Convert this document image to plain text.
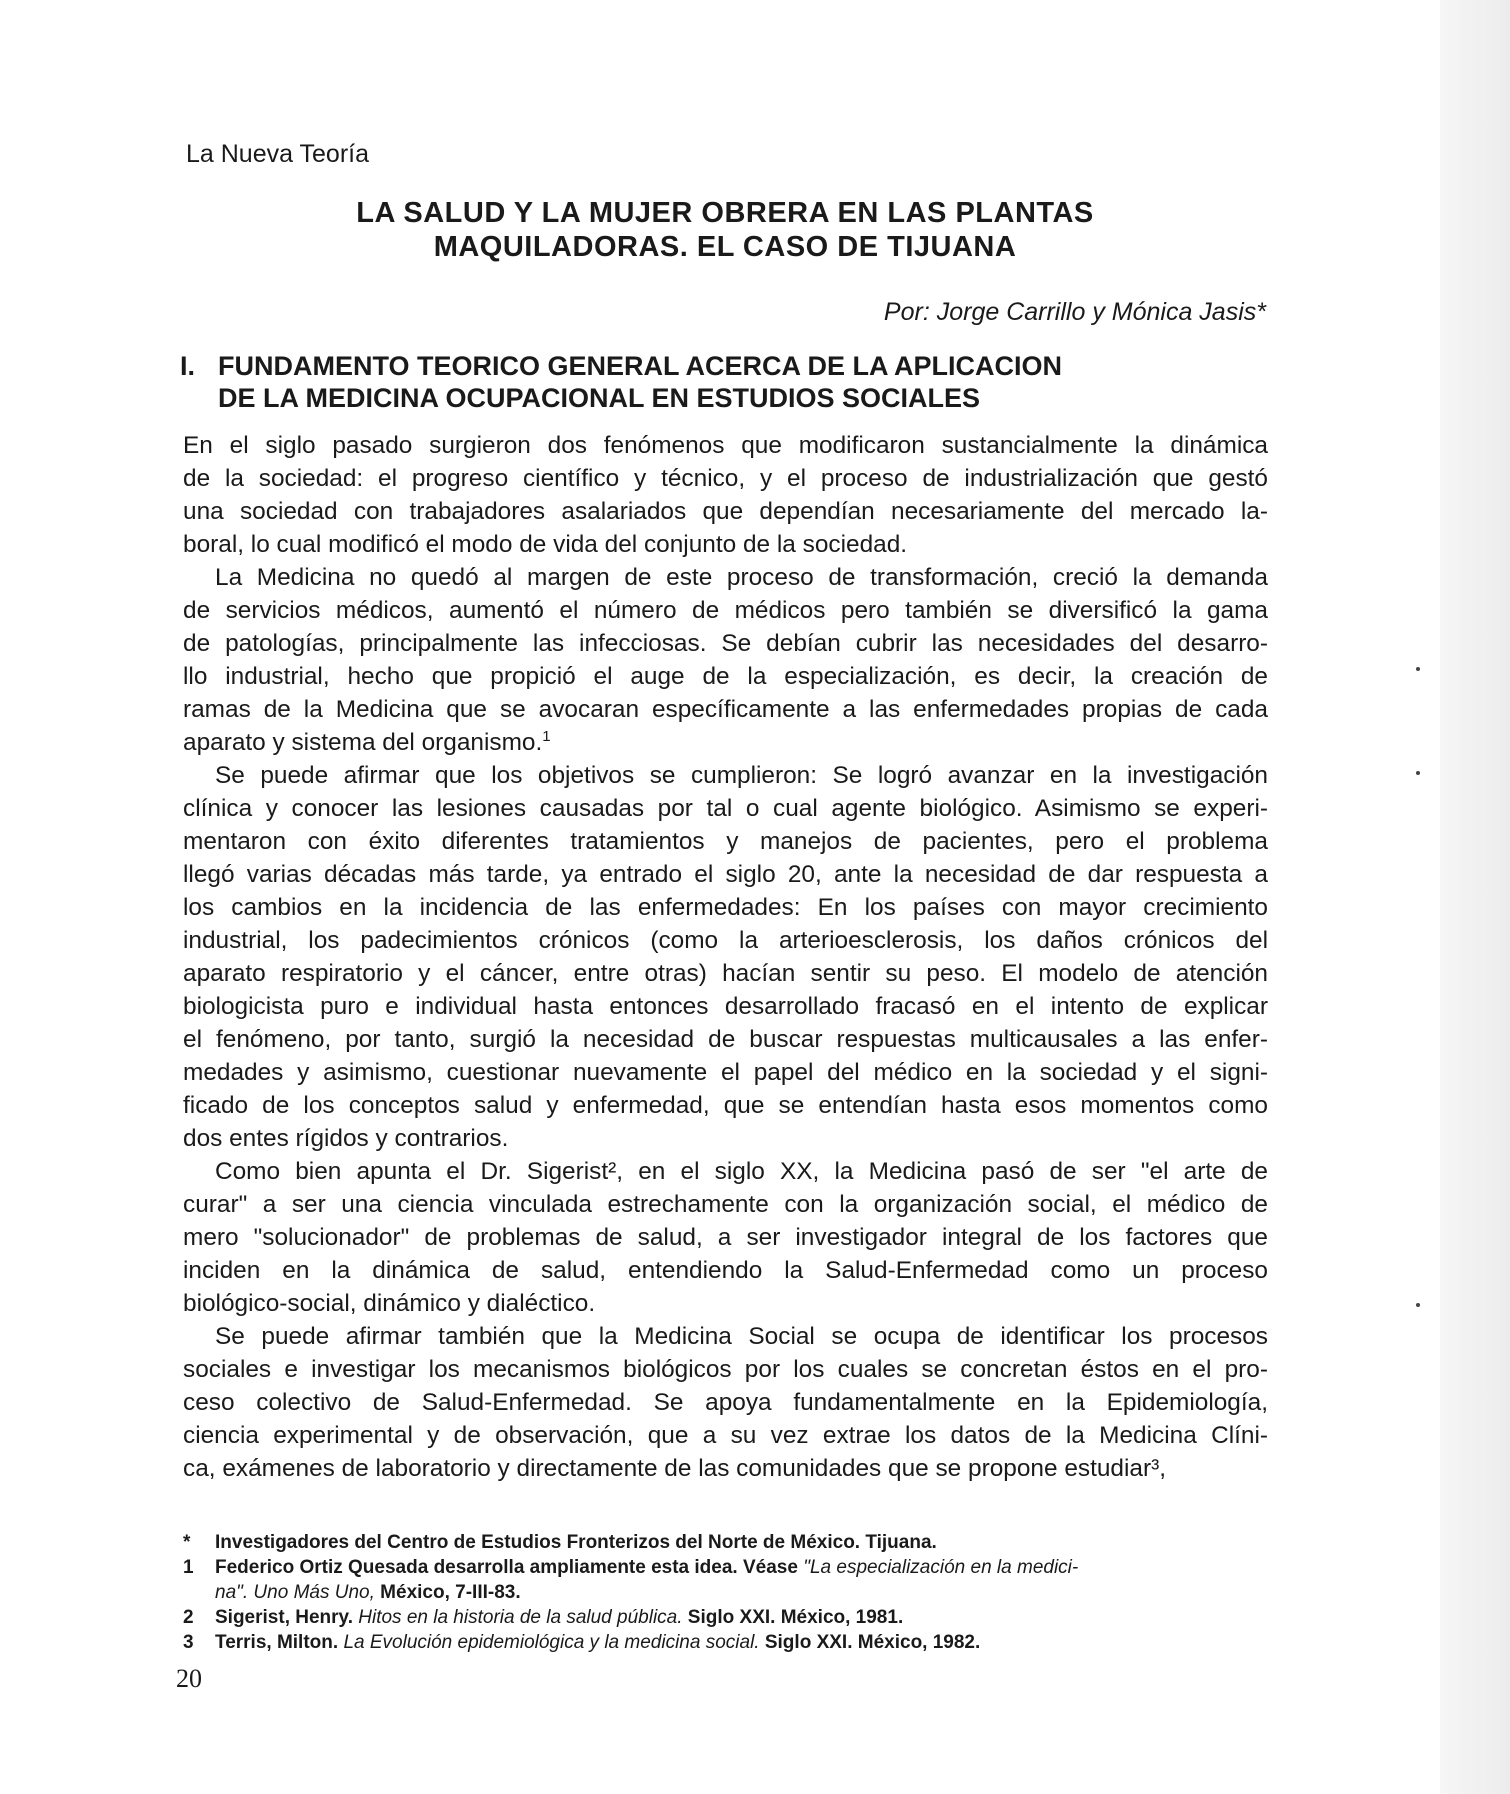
La Nueva Teoría
LA SALUD Y LA MUJER OBRERA EN LAS PLANTAS
MAQUILADORAS. EL CASO DE TIJUANA
Por: Jorge Carrillo y Mónica Jasis*
I. FUNDAMENTO TEORICO GENERAL ACERCA DE LA APLICACION
DE LA MEDICINA OCUPACIONAL EN ESTUDIOS SOCIALES

En el siglo pasado surgieron dos fenómenos que modificaron sustancialmente la dinámica
de la sociedad: el progreso científico y técnico, y el proceso de industrialización que gestó
una sociedad con trabajadores asalariados que dependían necesariamente del mercado la-
boral, lo cual modificó el modo de vida del conjunto de la sociedad.

La Medicina no quedó al margen de este proceso de transformación, creció la demanda
de servicios médicos, aumentó el número de médicos pero también se diversificó la gama
de patologías, principalmente las infecciosas. Se debían cubrir las necesidades del desarro-
llo industrial, hecho que propició el auge de la especialización, es decir, la creación de
ramas de la Medicina que se avocaran específicamente a las enfermedades propias de cada
aparato y sistema del organismo.$^1$

Se puede afirmar que los objetivos se cumplieron: Se logró avanzar en la investigación
clínica y conocer las lesiones causadas por tal o cual agente biológico. Asimismo se experi-
mentaron con éxito diferentes tratamientos y manejos de pacientes, pero el problema
llegó varias décadas más tarde, ya entrado el siglo 20, ante la necesidad de dar respuesta a
los cambios en la incidencia de las enfermedades: En los países con mayor crecimiento
industrial, los padecimientos crónicos (como la arterioesclerosis, los daños crónicos del
aparato respiratorio y el cáncer, entre otras) hacían sentir su peso. El modelo de atención
biologicista puro e individual hasta entonces desarrollado fracasó en el intento de explicar
el fenómeno, por tanto, surgió la necesidad de buscar respuestas multicausales a las enfer-
medades y asimismo, cuestionar nuevamente el papel del médico en la sociedad y el signi-
ficado de los conceptos salud y enfermedad, que se entendían hasta esos momentos como
dos entes rígidos y contrarios.

Como bien apunta el Dr. Sigerist², en el siglo XX, la Medicina pasó de ser "el arte de
curar" a ser una ciencia vinculada estrechamente con la organización social, el médico de
mero "solucionador" de problemas de salud, a ser investigador integral de los factores que
inciden en la dinámica de salud, entendiendo la Salud-Enfermedad como un proceso
biológico-social, dinámico y dialéctico.

Se puede afirmar también que la Medicina Social se ocupa de identificar los procesos
sociales e investigar los mecanismos biológicos por los cuales se concretan éstos en el pro-
ceso colectivo de Salud-Enfermedad. Se apoya fundamentalmente en la Epidemiología,
ciencia experimental y de observación, que a su vez extrae los datos de la Medicina Clíni-
ca, exámenes de laboratorio y directamente de las comunidades que se propone estudiar³,

* Investigadores del Centro de Estudios Fronterizos del Norte de México. Tijuana.
1 Federico Ortiz Quesada desarrolla ampliamente esta idea. Véase "La especialización en la medici-
na". Uno Más Uno, México, 7-III-83.
2 Sigerist, Henry. Hitos en la historia de la salud pública. Siglo XXI. México, 1981.
3 Terris, Milton. La Evolución epidemiológica y la medicina social. Siglo XXI. México, 1982.
20
